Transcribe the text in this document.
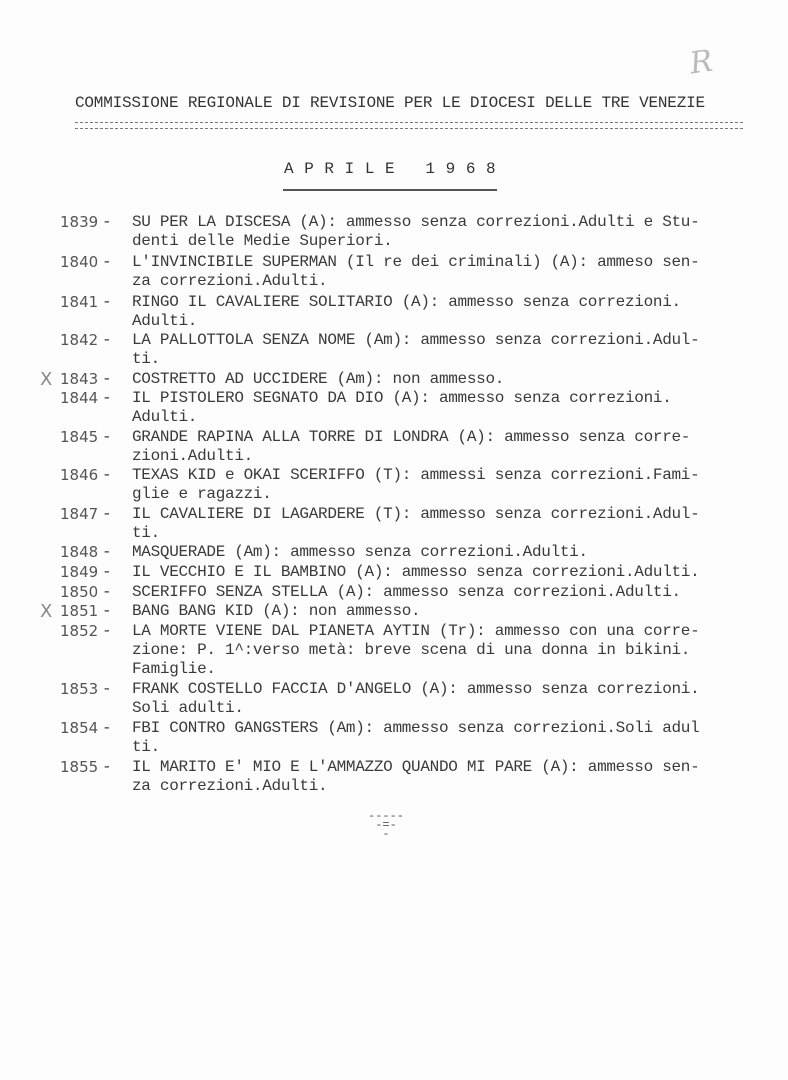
R
COMMISSIONE REGIONALE DI REVISIONE PER LE DIOCESI DELLE TRE VENEZIE
A P R I L E   1 9 6 8
1839 -	SU PER LA DISCESA (A): ammesso senza correzioni.Adulti e Stu-
denti delle Medie Superiori.
1840 -	L'INVINCIBILE SUPERMAN (Il re dei criminali) (A): ammeso sen-
za correzioni.Adulti.
1841 -	RINGO IL CAVALIERE SOLITARIO (A): ammesso senza correzioni.
Adulti.
1842 -	LA PALLOTTOLA SENZA NOME (Am): ammesso senza correzioni.Adul-
ti.
X 1843 -	COSTRETTO AD UCCIDERE (Am): non ammesso.
1844 -	IL PISTOLERO SEGNATO DA DIO (A): ammesso senza correzioni.
Adulti.
1845 -	GRANDE RAPINA ALLA TORRE DI LONDRA (A): ammesso senza corre-
zioni.Adulti.
1846 -	TEXAS KID e OKAI SCERIFFO (T): ammessi senza correzioni.Fami-
glie e ragazzi.
1847 -	IL CAVALIERE DI LAGARDERE (T): ammesso senza correzioni.Adul-
ti.
1848 -	MASQUERADE (Am): ammesso senza correzioni.Adulti.
1849 -	IL VECCHIO E IL BAMBINO (A): ammesso senza correzioni.Adulti.
1850 -	SCERIFFO SENZA STELLA (A): ammesso senza correzioni.Adulti.
X 1851 -	BANG BANG KID (A): non ammesso.
1852 -	LA MORTE VIENE DAL PIANETA AYTIN (Tr): ammesso con una corre-
zione: P. 1^:verso metà: breve scena di una donna in bikini.
Famiglie.
1853 -	FRANK COSTELLO FACCIA D'ANGELO (A): ammesso senza correzioni.
Soli adulti.
1854 -	FBI CONTRO GANGSTERS (Am): ammesso senza correzioni.Soli adul
ti.
1855 -	IL MARITO E' MIO E L'AMMAZZO QUANDO MI PARE (A): ammesso sen-
za correzioni.Adulti.
-----
-=-
-
